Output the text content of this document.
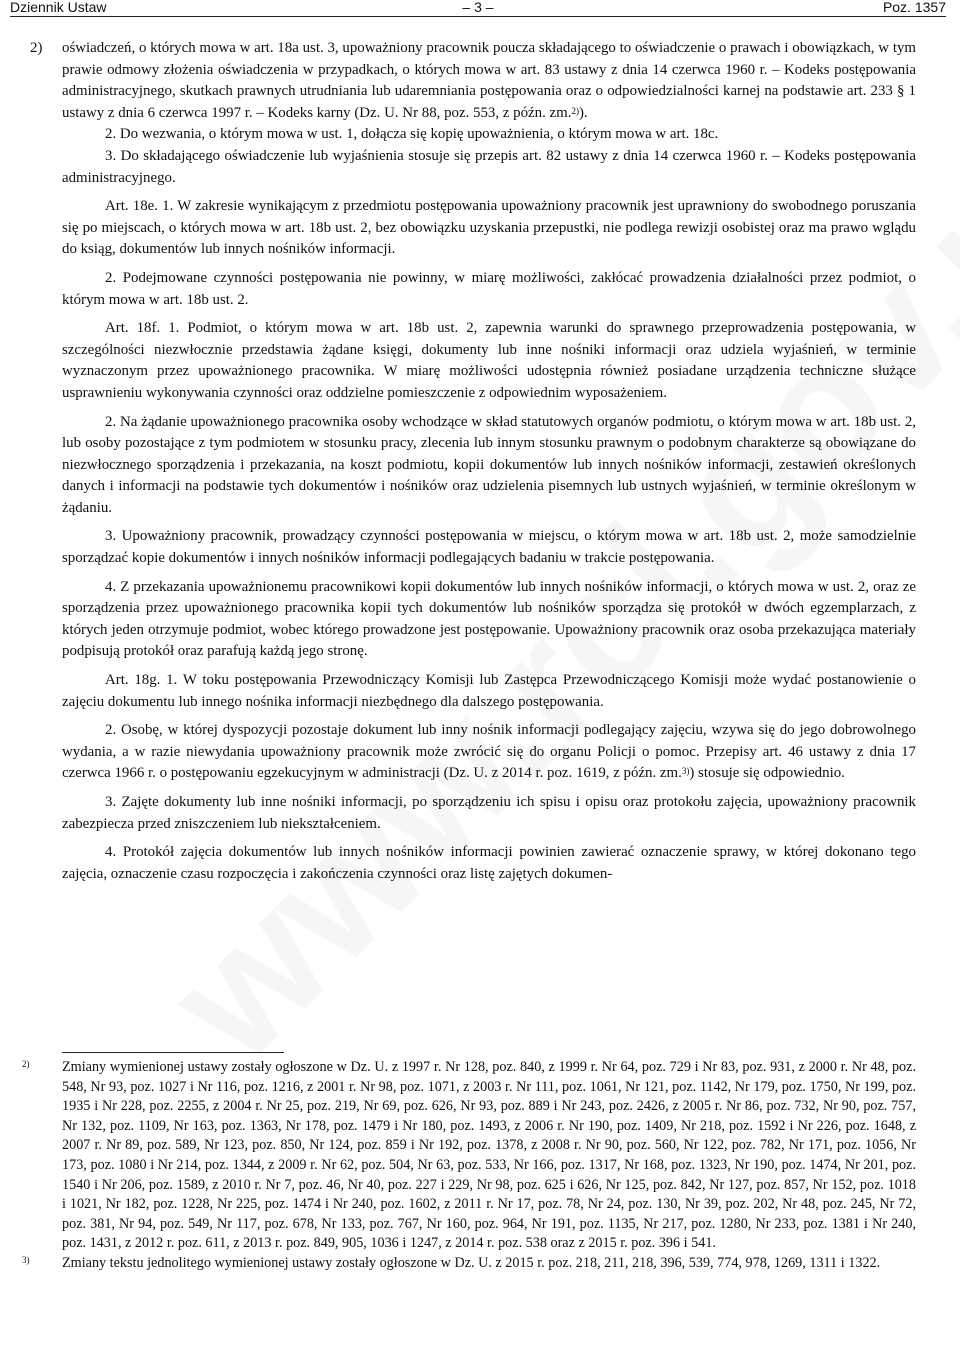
Dziennik Ustaw	– 3 –	Poz. 1357

2) oświadczeń, o których mowa w art. 18a ust. 3, upoważniony pracownik poucza składającego to oświadczenie o prawach i obowiązkach, w tym prawie odmowy złożenia oświadczenia w przypadkach, o których mowa w art. 83 ustawy z dnia 14 czerwca 1960 r. – Kodeks postępowania administracyjnego, skutkach prawnych utrudniania lub udaremniania postępowania oraz o odpowiedzialności karnej na podstawie art. 233 § 1 ustawy z dnia 6 czerwca 1997 r. – Kodeks karny (Dz. U. Nr 88, poz. 553, z późn. zm.$^{2)}$).

2. Do wezwania, o którym mowa w ust. 1, dołącza się kopię upoważnienia, o którym mowa w art. 18c.

3. Do składającego oświadczenie lub wyjaśnienia stosuje się przepis art. 82 ustawy z dnia 14 czerwca 1960 r. – Kodeks postępowania administracyjnego.

Art. 18e. 1. W zakresie wynikającym z przedmiotu postępowania upoważniony pracownik jest uprawniony do swobodnego poruszania się po miejscach, o których mowa w art. 18b ust. 2, bez obowiązku uzyskania przepustki, nie podlega rewizji osobistej oraz ma prawo wglądu do ksiąg, dokumentów lub innych nośników informacji.

2. Podejmowane czynności postępowania nie powinny, w miarę możliwości, zakłócać prowadzenia działalności przez podmiot, o którym mowa w art. 18b ust. 2.

Art. 18f. 1. Podmiot, o którym mowa w art. 18b ust. 2, zapewnia warunki do sprawnego przeprowadzenia postępowania, w szczególności niezwłocznie przedstawia żądane księgi, dokumenty lub inne nośniki informacji oraz udziela wyjaśnień, w terminie wyznaczonym przez upoważnionego pracownika. W miarę możliwości udostępnia również posiadane urządzenia techniczne służące usprawnieniu wykonywania czynności oraz oddzielne pomieszczenie z odpowiednim wyposażeniem.

2. Na żądanie upoważnionego pracownika osoby wchodzące w skład statutowych organów podmiotu, o którym mowa w art. 18b ust. 2, lub osoby pozostające z tym podmiotem w stosunku pracy, zlecenia lub innym stosunku prawnym o podobnym charakterze są obowiązane do niezwłocznego sporządzenia i przekazania, na koszt podmiotu, kopii dokumentów lub innych nośników informacji, zestawień określonych danych i informacji na podstawie tych dokumentów i nośników oraz udzielenia pisemnych lub ustnych wyjaśnień, w terminie określonym w żądaniu.

3. Upoważniony pracownik, prowadzący czynności postępowania w miejscu, o którym mowa w art. 18b ust. 2, może samodzielnie sporządzać kopie dokumentów i innych nośników informacji podlegających badaniu w trakcie postępowania.

4. Z przekazania upoważnionemu pracownikowi kopii dokumentów lub innych nośników informacji, o których mowa w ust. 2, oraz ze sporządzenia przez upoważnionego pracownika kopii tych dokumentów lub nośników sporządza się protokół w dwóch egzemplarzach, z których jeden otrzymuje podmiot, wobec którego prowadzone jest postępowanie. Upoważniony pracownik oraz osoba przekazująca materiały podpisują protokół oraz parafują każdą jego stronę.

Art. 18g. 1. W toku postępowania Przewodniczący Komisji lub Zastępca Przewodniczącego Komisji może wydać postanowienie o zajęciu dokumentu lub innego nośnika informacji niezbędnego dla dalszego postępowania.

2. Osobę, w której dyspozycji pozostaje dokument lub inny nośnik informacji podlegający zajęciu, wzywa się do jego dobrowolnego wydania, a w razie niewydania upoważniony pracownik może zwrócić się do organu Policji o pomoc. Przepisy art. 46 ustawy z dnia 17 czerwca 1966 r. o postępowaniu egzekucyjnym w administracji (Dz. U. z 2014 r. poz. 1619, z późn. zm.$^{3)}$) stosuje się odpowiednio.

3. Zajęte dokumenty lub inne nośniki informacji, po sporządzeniu ich spisu i opisu oraz protokołu zajęcia, upoważniony pracownik zabezpiecza przed zniszczeniem lub niekształceniem.

4. Protokół zajęcia dokumentów lub innych nośników informacji powinien zawierać oznaczenie sprawy, w której dokonano tego zajęcia, oznaczenie czasu rozpoczęcia i zakończenia czynności oraz listę zajętych dokumen-

2) Zmiany wymienionej ustawy zostały ogłoszone w Dz. U. z 1997 r. Nr 128, poz. 840, z 1999 r. Nr 64, poz. 729 i Nr 83, poz. 931, z 2000 r. Nr 48, poz. 548, Nr 93, poz. 1027 i Nr 116, poz. 1216, z 2001 r. Nr 98, poz. 1071, z 2003 r. Nr 111, poz. 1061, Nr 121, poz. 1142, Nr 179, poz. 1750, Nr 199, poz. 1935 i Nr 228, poz. 2255, z 2004 r. Nr 25, poz. 219, Nr 69, poz. 626, Nr 93, poz. 889 i Nr 243, poz. 2426, z 2005 r. Nr 86, poz. 732, Nr 90, poz. 757, Nr 132, poz. 1109, Nr 163, poz. 1363, Nr 178, poz. 1479 i Nr 180, poz. 1493, z 2006 r. Nr 190, poz. 1409, Nr 218, poz. 1592 i Nr 226, poz. 1648, z 2007 r. Nr 89, poz. 589, Nr 123, poz. 850, Nr 124, poz. 859 i Nr 192, poz. 1378, z 2008 r. Nr 90, poz. 560, Nr 122, poz. 782, Nr 171, poz. 1056, Nr 173, poz. 1080 i Nr 214, poz. 1344, z 2009 r. Nr 62, poz. 504, Nr 63, poz. 533, Nr 166, poz. 1317, Nr 168, poz. 1323, Nr 190, poz. 1474, Nr 201, poz. 1540 i Nr 206, poz. 1589, z 2010 r. Nr 7, poz. 46, Nr 40, poz. 227 i 229, Nr 98, poz. 625 i 626, Nr 125, poz. 842, Nr 127, poz. 857, Nr 152, poz. 1018 i 1021, Nr 182, poz. 1228, Nr 225, poz. 1474 i Nr 240, poz. 1602, z 2011 r. Nr 17, poz. 78, Nr 24, poz. 130, Nr 39, poz. 202, Nr 48, poz. 245, Nr 72, poz. 381, Nr 94, poz. 549, Nr 117, poz. 678, Nr 133, poz. 767, Nr 160, poz. 964, Nr 191, poz. 1135, Nr 217, poz. 1280, Nr 233, poz. 1381 i Nr 240, poz. 1431, z 2012 r. poz. 611, z 2013 r. poz. 849, 905, 1036 i 1247, z 2014 r. poz. 538 oraz z 2015 r. poz. 396 i 541.

3) Zmiany tekstu jednolitego wymienionej ustawy zostały ogłoszone w Dz. U. z 2015 r. poz. 218, 211, 218, 396, 539, 774, 978, 1269, 1311 i 1322.
